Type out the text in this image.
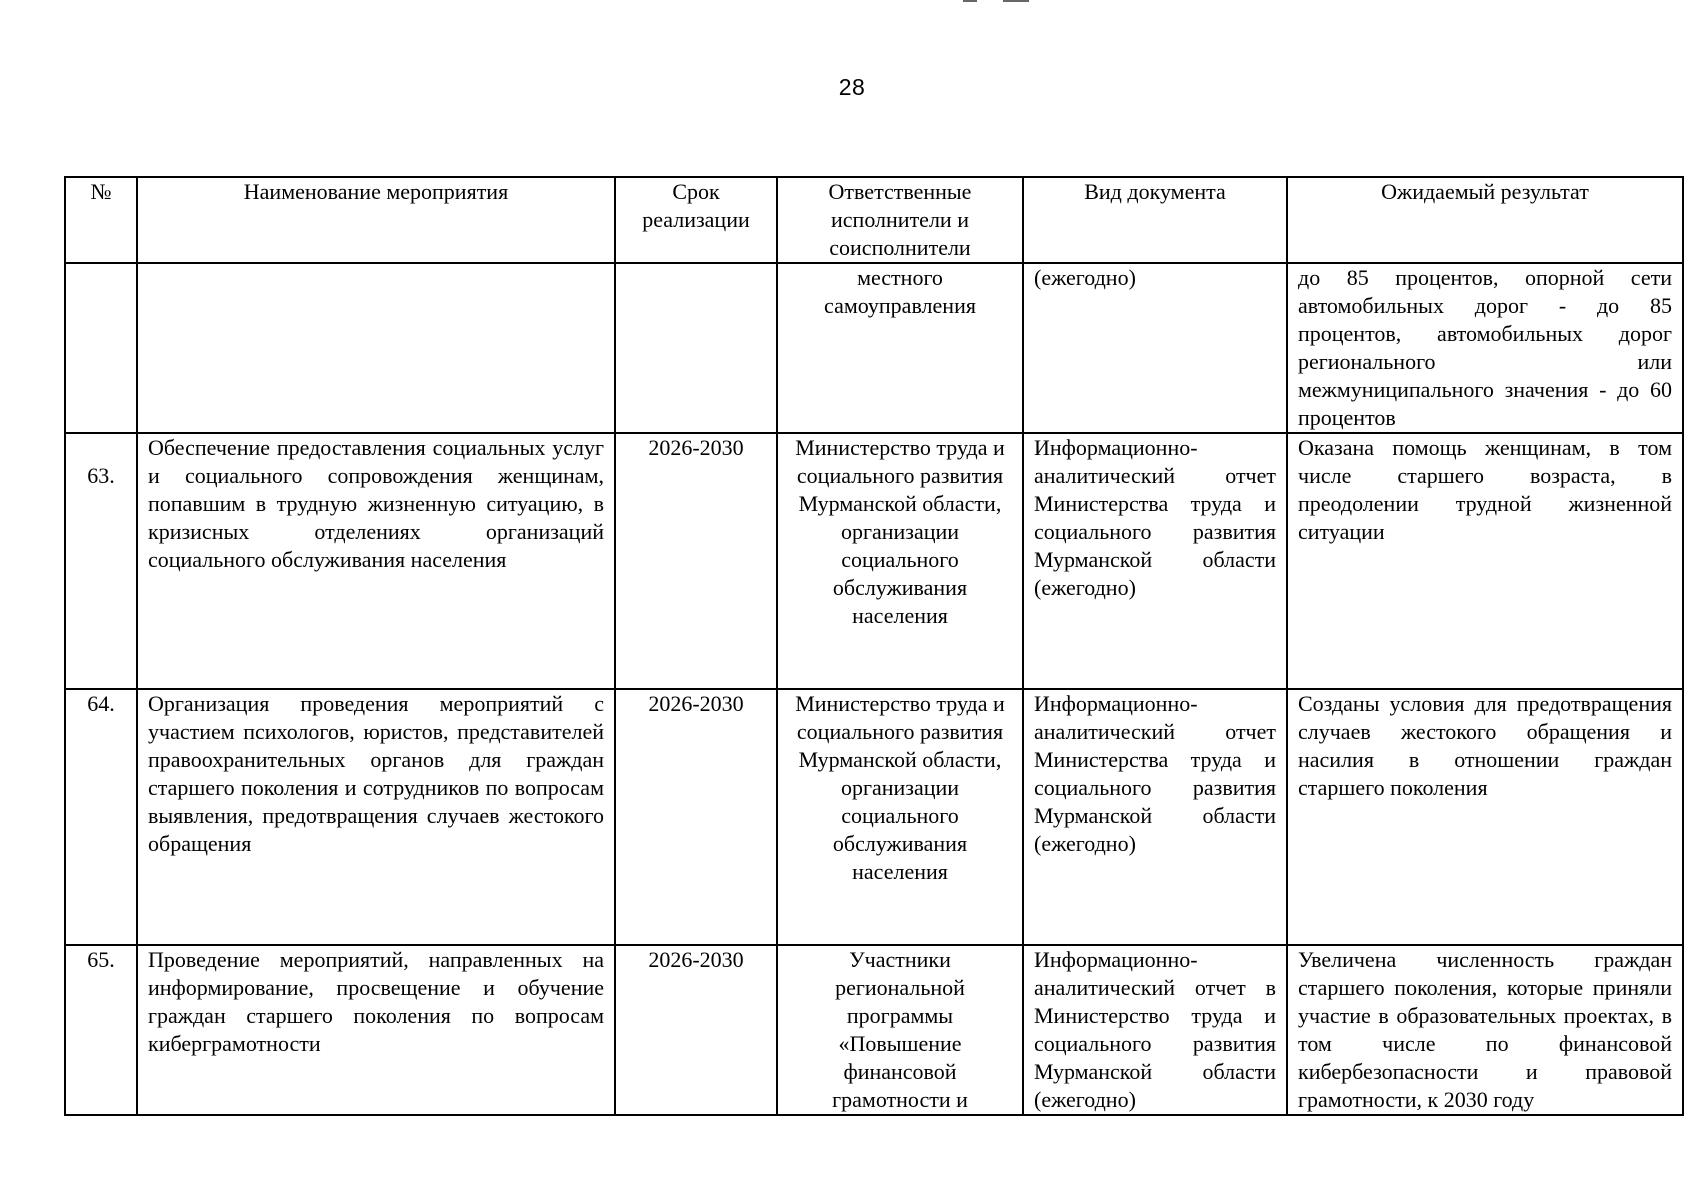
28
№	Наименование мероприятия	Срок реализации	Ответственные исполнители и соисполнители	Вид документа	Ожидаемый результат
			местного самоуправления	(ежегодно)	до 85 процентов, опорной сети автомобильных дорог - до 85 процентов, автомобильных дорог регионального или межмуниципального значения - до 60 процентов

63.	Обеспечение предоставления социальных услуг и социального сопровождения женщинам, попавшим в трудную жизненную ситуацию, в кризисных отделениях организаций социального обслуживания населения	2026-2030	Министерство труда и социального развития Мурманской области, организации социального обслуживания населения	Информационно-аналитический отчет Министерства труда и социального развития Мурманской области (ежегодно)	Оказана помощь женщинам, в том числе старшего возраста, в преодолении трудной жизненной ситуации
64.	Организация проведения мероприятий с участием психологов, юристов, представителей правоохранительных органов для граждан старшего поколения и сотрудников по вопросам выявления, предотвращения случаев жестокого обращения	2026-2030	Министерство труда и социального развития Мурманской области, организации социального обслуживания населения	Информационно-аналитический отчет Министерства труда и социального развития Мурманской области (ежегодно)	Созданы условия для предотвращения случаев жестокого обращения и насилия в отношении граждан старшего поколения
65.	Проведение мероприятий, направленных на информирование, просвещение и обучение граждан старшего поколения по вопросам киберграмотности	2026-2030	Участники региональной программы «Повышение финансовой грамотности и	Информационно-аналитический отчет в Министерство труда и социального развития Мурманской области (ежегодно)	Увеличена численность граждан старшего поколения, которые приняли участие в образовательных проектах, в том числе по финансовой кибербезопасности и правовой грамотности, к 2030 году
